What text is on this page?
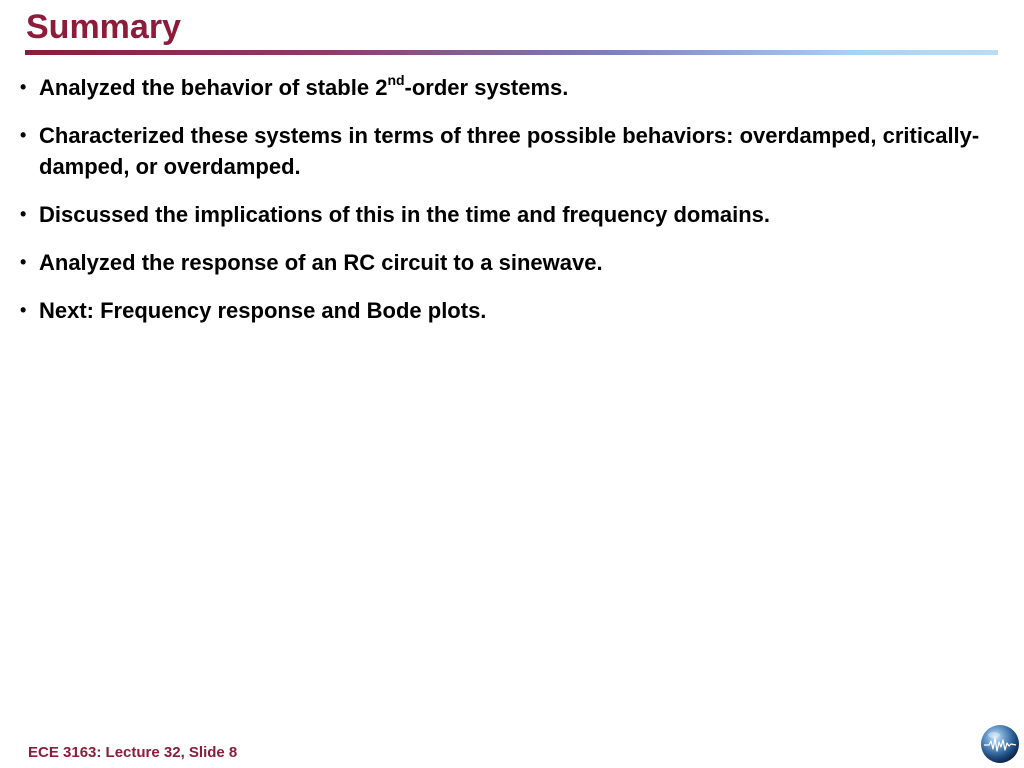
Summary
• Analyzed the behavior of stable 2nd-order systems.
• Characterized these systems in terms of three possible behaviors: overdamped, critically-damped, or overdamped.
• Discussed the implications of this in the time and frequency domains.
• Analyzed the response of an RC circuit to a sinewave.
• Next: Frequency response and Bode plots.
ECE 3163: Lecture 32, Slide 8
